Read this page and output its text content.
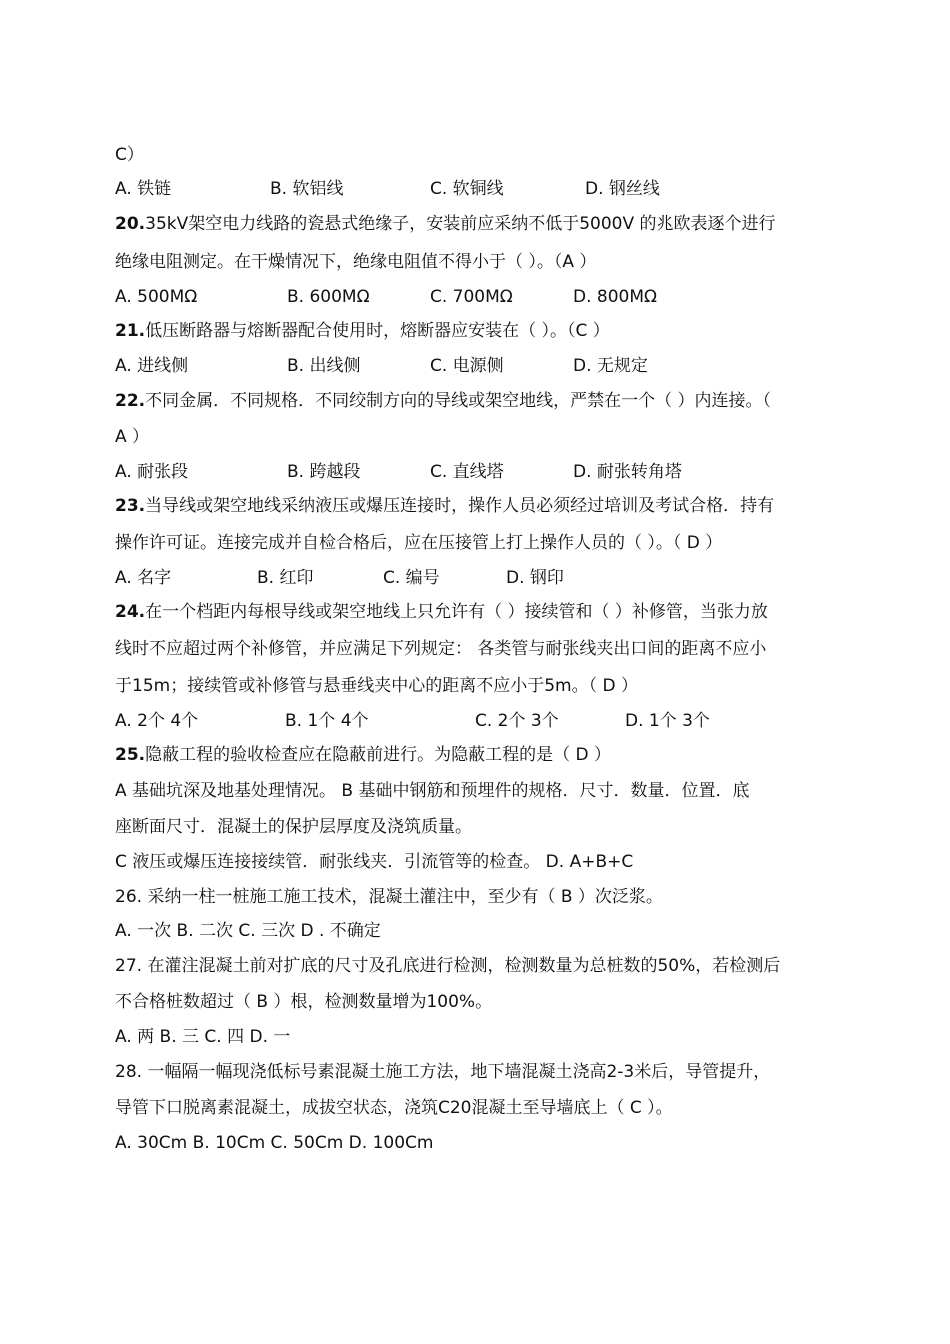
C）

A. 铁链	B. 软铝线	C. 软铜线	D. 钢丝线

20.35kV架空电力线路的瓷悬式绝缘子，安装前应采纳不低于5000V 的兆欧表逐个进行

绝缘电阻测定。在干燥情况下，绝缘电阻值不得小于（ ）。（A ）

A. 500MΩ	B. 600MΩ	C. 700MΩ	D. 800MΩ

21.低压断路器与熔断器配合使用时，熔断器应安装在（ ）。（C ）

A. 进线侧	B. 出线侧	C. 电源侧	D. 无规定

22.不同金属．不同规格．不同绞制方向的导线或架空地线，严禁在一个（ ）内连接。（

A ）

A. 耐张段	B. 跨越段	C. 直线塔	D. 耐张转角塔

23.当导线或架空地线采纳液压或爆压连接时，操作人员必须经过培训及考试合格．持有

操作许可证。连接完成并自检合格后，应在压接管上打上操作人员的（ ）。（ D ）

A. 名字	B. 红印	C. 编号	D. 钢印

24.在一个档距内每根导线或架空地线上只允许有（ ）接续管和（ ）补修管，当张力放

线时不应超过两个补修管，并应满足下列规定： 各类管与耐张线夹出口间的距离不应小

于15m；接续管或补修管与悬垂线夹中心的距离不应小于5m。（ D ）

A. 2个 4个	B. 1个 4个	C. 2个 3个	D. 1个 3个

25.隐蔽工程的验收检查应在隐蔽前进行。为隐蔽工程的是（ D ）

A 基础坑深及地基处理情况。 B 基础中钢筋和预埋件的规格．尺寸．数量．位置．底

座断面尺寸．混凝土的保护层厚度及浇筑质量。

C 液压或爆压连接接续管．耐张线夹．引流管等的检查。 D. A+B+C

26. 采纳一柱一桩施工施工技术，混凝土灌注中，至少有（ B ）次泛浆。

A. 一次 B. 二次 C. 三次 D . 不确定

27. 在灌注混凝土前对扩底的尺寸及孔底进行检测，检测数量为总桩数的50%，若检测后

不合格桩数超过（ B ）根，检测数量增为100%。

A. 两 B. 三 C. 四 D. 一

28. 一幅隔一幅现浇低标号素混凝土施工方法，地下墙混凝土浇高2-3米后，导管提升，

导管下口脱离素混凝土，成拔空状态，浇筑C20混凝土至导墙底上（ C ）。

A. 30Cm B. 10Cm C. 50Cm D. 100Cm
